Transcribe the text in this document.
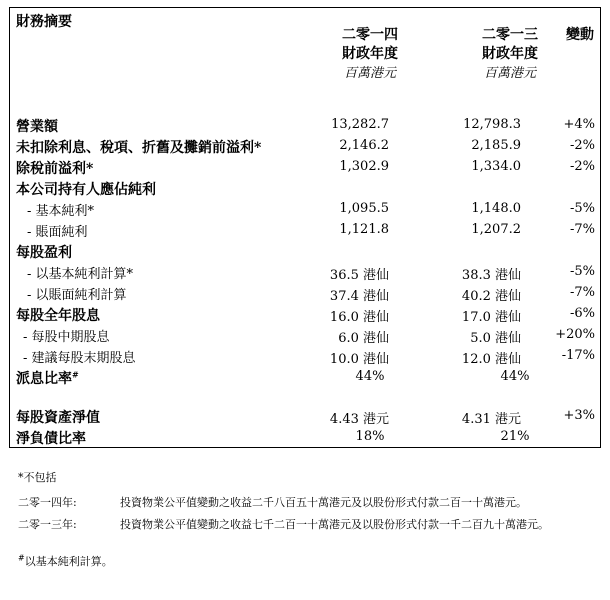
財務摘要
二零一四
財政年度
百萬港元
二零一三
財政年度
百萬港元
變動
營業額	13,282.7	12,798.3	+4%
未扣除利息、稅項、折舊及攤銷前溢利*	2,146.2	2,185.9	-2%
除稅前溢利*	1,302.9	1,334.0	-2%
本公司持有人應佔純利
- 基本純利*	1,095.5	1,148.0	-5%
- 賬面純利	1,121.8	1,207.2	-7%
每股盈利
- 以基本純利計算*	36.5 港仙	38.3 港仙	-5%
- 以賬面純利計算	37.4 港仙	40.2 港仙	-7%
每股全年股息	16.0 港仙	17.0 港仙	-6%
- 每股中期股息	6.0 港仙	5.0 港仙	+20%
- 建議每股末期股息	10.0 港仙	12.0 港仙	-17%
派息比率#	44%	44%
每股資產淨值	4.43 港元	4.31 港元	+3%
淨負債比率	18%	21%
*不包括
二零一四年:	投資物業公平值變動之收益二千八百五十萬港元及以股份形式付款二百一十萬港元。
二零一三年:	投資物業公平值變動之收益七千二百一十萬港元及以股份形式付款一千二百九十萬港元。
#以基本純利計算。
